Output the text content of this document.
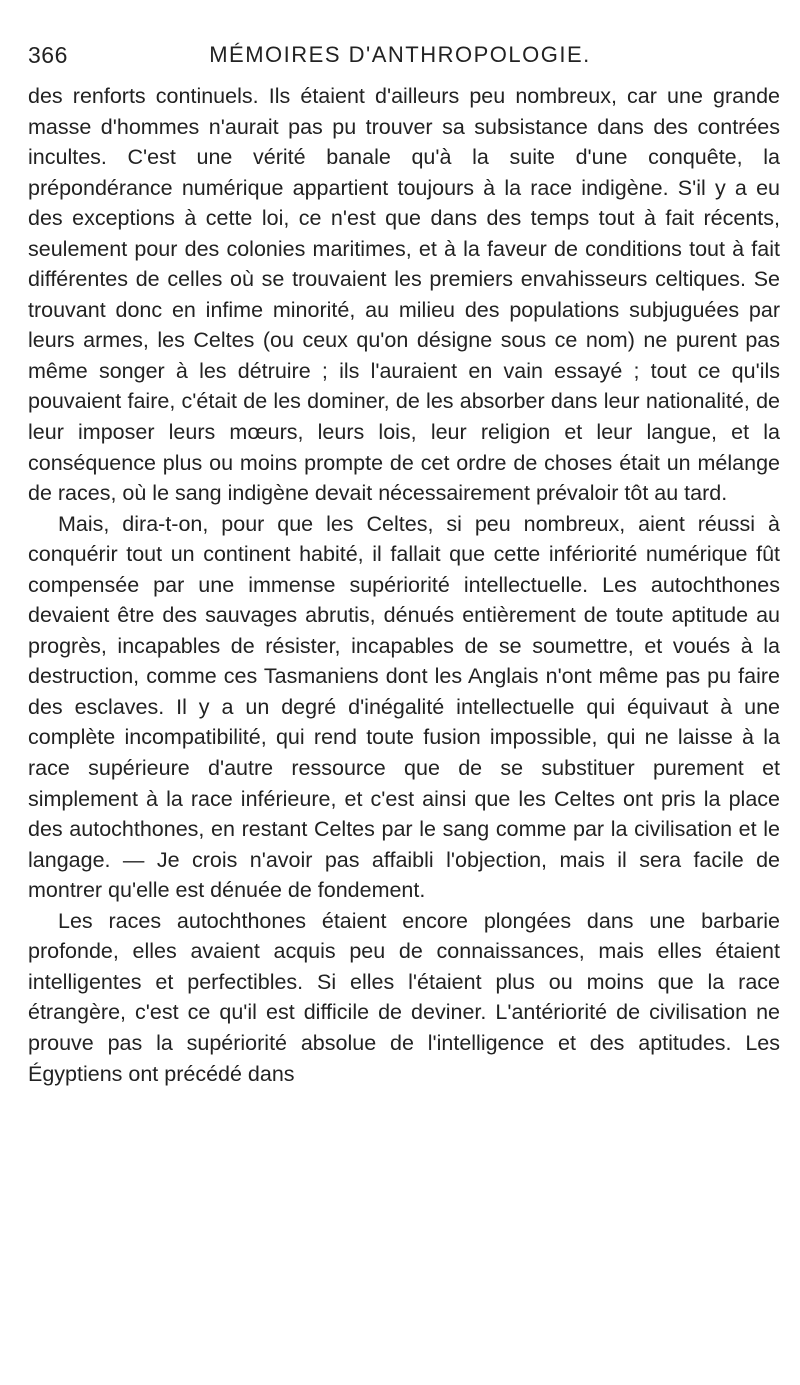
366	MÉMOIRES D'ANTHROPOLOGIE.

des renforts continuels. Ils étaient d'ailleurs peu nombreux, car une grande masse d'hommes n'aurait pas pu trouver sa subsistance dans des contrées incultes. C'est une vérité banale qu'à la suite d'une conquête, la prépondérance numérique appartient toujours à la race indigène. S'il y a eu des exceptions à cette loi, ce n'est que dans des temps tout à fait récents, seulement pour des colonies maritimes, et à la faveur de conditions tout à fait différentes de celles où se trouvaient les premiers envahisseurs celtiques. Se trouvant donc en infime minorité, au milieu des populations subjuguées par leurs armes, les Celtes (ou ceux qu'on désigne sous ce nom) ne purent pas même songer à les détruire ; ils l'auraient en vain essayé ; tout ce qu'ils pouvaient faire, c'était de les dominer, de les absorber dans leur nationalité, de leur imposer leurs mœurs, leurs lois, leur religion et leur langue, et la conséquence plus ou moins prompte de cet ordre de choses était un mélange de races, où le sang indigène devait nécessairement prévaloir tôt au tard.

Mais, dira-t-on, pour que les Celtes, si peu nombreux, aient réussi à conquérir tout un continent habité, il fallait que cette infériorité numérique fût compensée par une immense supériorité intellectuelle. Les autochthones devaient être des sauvages abrutis, dénués entièrement de toute aptitude au progrès, incapables de résister, incapables de se soumettre, et voués à la destruction, comme ces Tasmaniens dont les Anglais n'ont même pas pu faire des esclaves. Il y a un degré d'inégalité intellectuelle qui équivaut à une complète incompatibilité, qui rend toute fusion impossible, qui ne laisse à la race supérieure d'autre ressource que de se substituer purement et simplement à la race inférieure, et c'est ainsi que les Celtes ont pris la place des autochthones, en restant Celtes par le sang comme par la civilisation et le langage. — Je crois n'avoir pas affaibli l'objection, mais il sera facile de montrer qu'elle est dénuée de fondement.

Les races autochthones étaient encore plongées dans une barbarie profonde, elles avaient acquis peu de connaissances, mais elles étaient intelligentes et perfectibles. Si elles l'étaient plus ou moins que la race étrangère, c'est ce qu'il est difficile de deviner. L'antériorité de civilisation ne prouve pas la supériorité absolue de l'intelligence et des aptitudes. Les Égyptiens ont précédé dans
